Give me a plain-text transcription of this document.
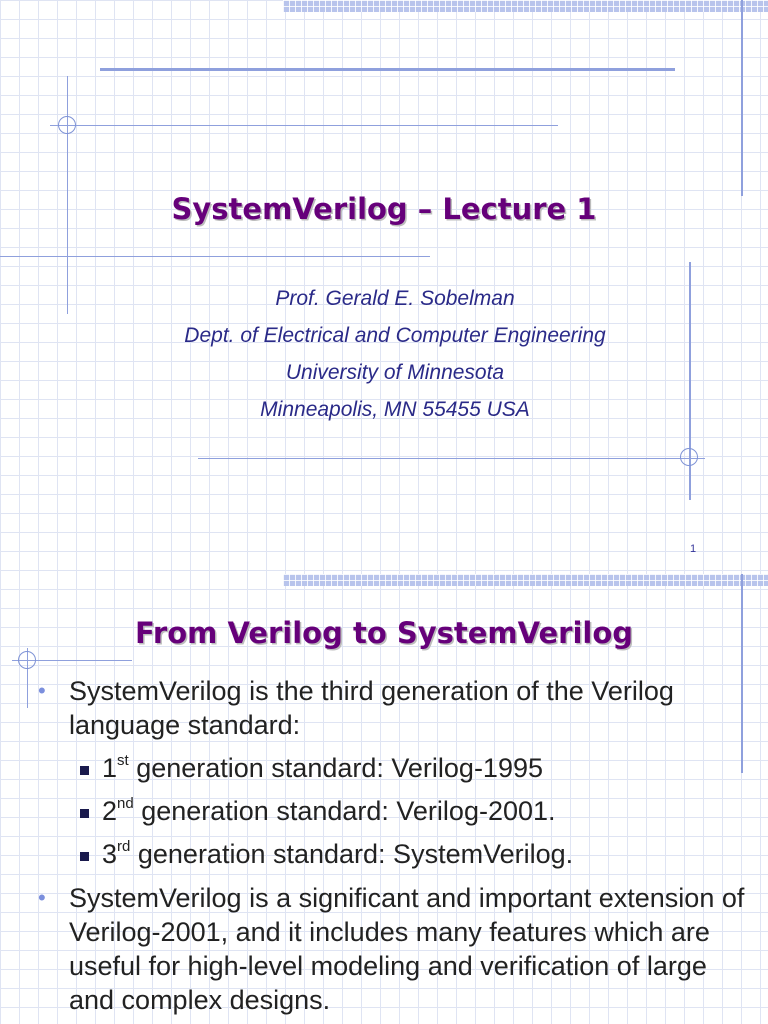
SystemVerilog – Lecture 1
Prof. Gerald E. Sobelman
Dept. of Electrical and Computer Engineering
University of Minnesota
Minneapolis, MN 55455 USA
1
From Verilog to SystemVerilog
• SystemVerilog is the third generation of the Verilog language standard:
1st generation standard: Verilog-1995
2nd generation standard: Verilog-2001.
3rd generation standard: SystemVerilog.
• SystemVerilog is a significant and important extension of Verilog-2001, and it includes many features which are useful for high-level modeling and verification of large and complex designs.
